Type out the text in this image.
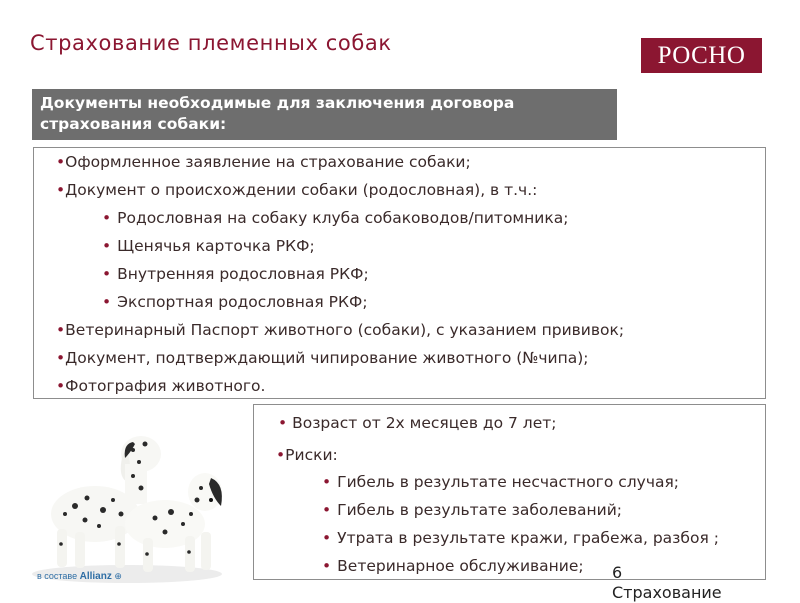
Страхование племенных собак	РОСНО
Документы необходимые для заключения договора страхования собаки:
•Оформленное заявление на страхование собаки;
•Документ о происхождении собаки (родословная), в т.ч.:
• Родословная на собаку клуба собаководов/питомника;
• Щенячья карточка РКФ;
• Внутренняя родословная РКФ;
• Экспортная родословная РКФ;
•Ветеринарный Паспорт животного (собаки), с указанием прививок;
•Документ, подтверждающий чипирование животного (№чипа);
•Фотография животного.
• Возраст от 2х месяцев до 7 лет;
•Риски:
• Гибель в результате несчастного случая;
• Гибель в результате заболеваний;
• Утрата в результате кражи, грабежа, разбоя ;
• Ветеринарное обслуживание;
в составе Allianz ⊕	6
Страхование
